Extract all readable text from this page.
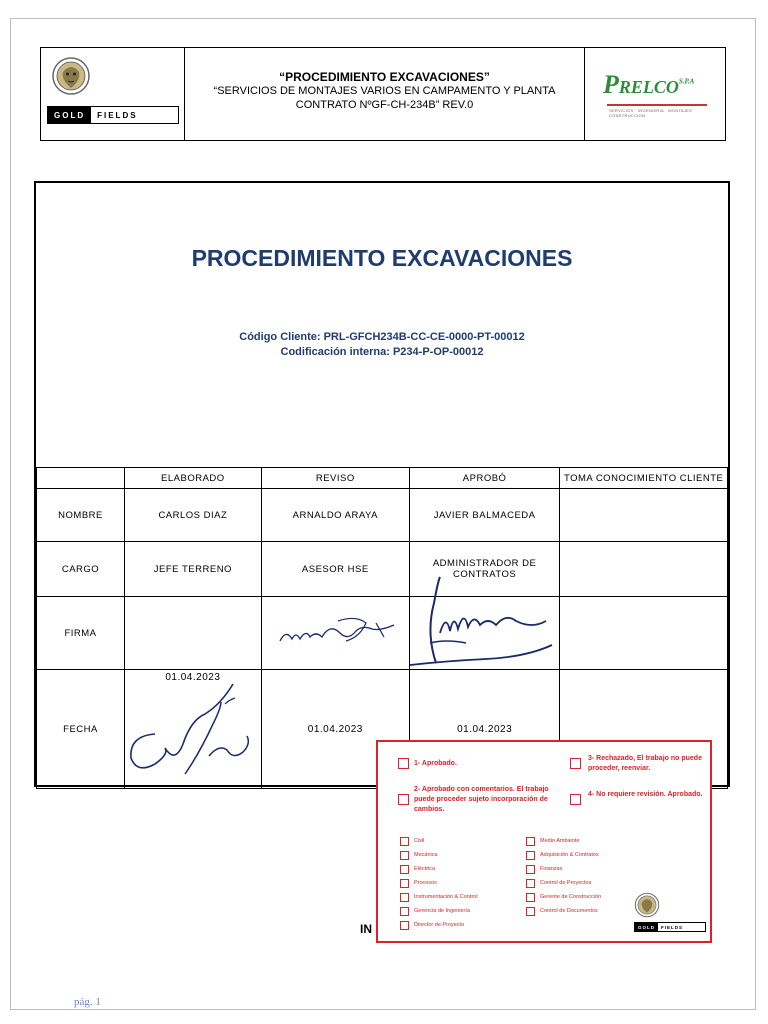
GOLD	FIELDS
“PROCEDIMIENTO EXCAVACIONES”
“SERVICIOS DE MONTAJES VARIOS EN CAMPAMENTO Y PLANTA
CONTRATO NºGF-CH-234B” REV.0
$PRELCO^{S.P.A}$
SERVICIOS · INGENIERIA · MONTAJES · CONSTRUCCION
PROCEDIMIENTO EXCAVACIONES
Código Cliente: PRL-GFCH234B-CC-CE-0000-PT-00012
Codificación interna: P234-P-OP-00012
	ELABORADO	REVISO	APROBÓ	TOMA CONOCIMIENTO CLIENTE
NOMBRE	CARLOS DIAZ	ARNALDO ARAYA	JAVIER BALMACEDA	
CARGO	JEFE TERRENO	ASESOR HSE	ADMINISTRADOR DE CONTRATOS	
FIRMA		

FECHA	01.04.2023	01.04.2023	01.04.2023	
IN
1- Aprobado.
3- Rechazado, El trabajo no puede proceder, reenviar.
2- Aprobado con comentarios. El trabajo puede proceder sujeto incorporación de cambios.
4- No requiere revisión. Aprobado.
Civil
Mecánica
Eléctrica
Procesos
Instrumentación & Control
Gerencia de Ingeniería
Director de Proyecto
Medio Ambiente
Adquisición & Contratos
Finanzas
Control de Proyectos
Gerente de Construcción
Control de Documentos
GOLD	FIELDS
pág. 1
